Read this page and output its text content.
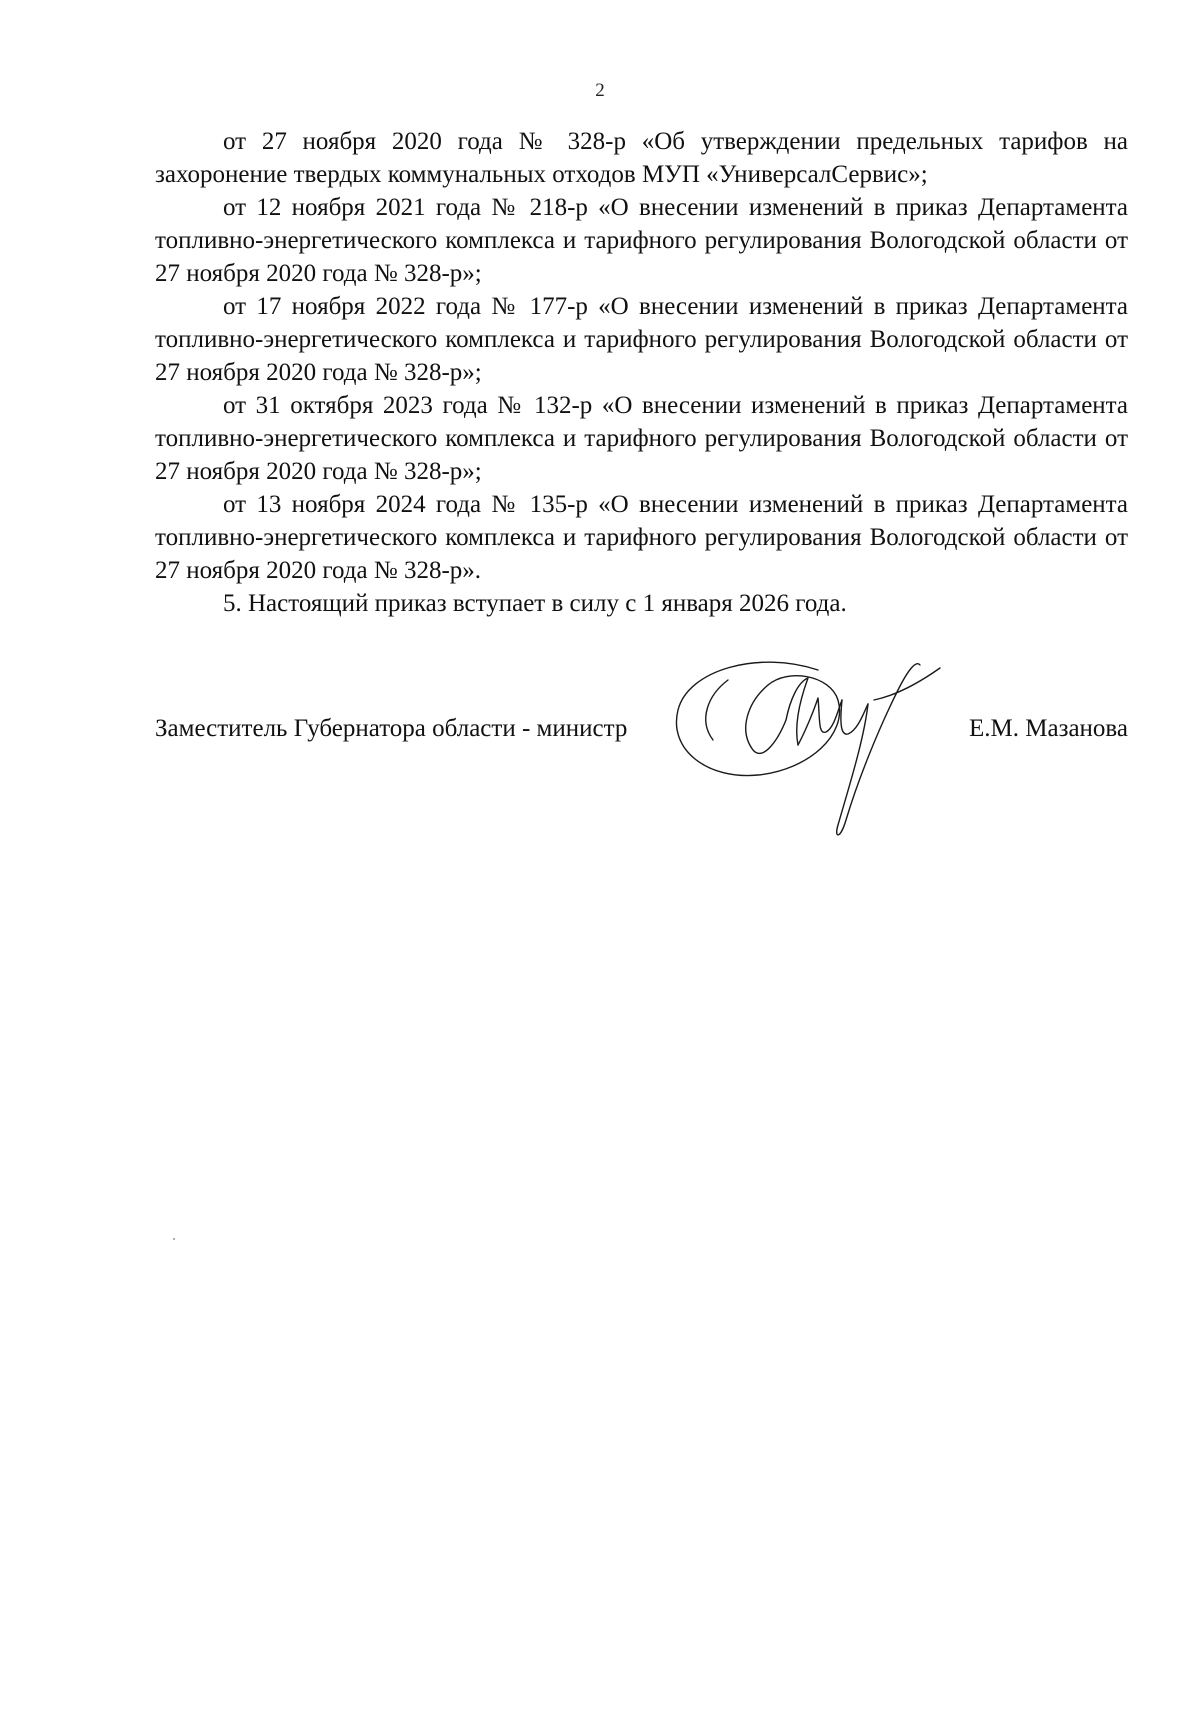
2

от 27 ноября 2020 года № 328-р «Об утверждении предельных тарифов на захоронение твердых коммунальных отходов МУП «УниверсалСервис»;

от 12 ноября 2021 года № 218-р «О внесении изменений в приказ Департамента топливно-энергетического комплекса и тарифного регулирования Вологодской области от 27 ноября 2020 года № 328-р»;

от 17 ноября 2022 года № 177-р «О внесении изменений в приказ Департамента топливно-энергетического комплекса и тарифного регулирования Вологодской области от 27 ноября 2020 года № 328-р»;

от 31 октября 2023 года № 132-р «О внесении изменений в приказ Департамента топливно-энергетического комплекса и тарифного регулирования Вологодской области от 27 ноября 2020 года № 328-р»;

от 13 ноября 2024 года № 135-р «О внесении изменений в приказ Департамента топливно-энергетического комплекса и тарифного регулирования Вологодской области от 27 ноября 2020 года № 328-р».

5. Настоящий приказ вступает в силу с 1 января 2026 года.

Заместитель Губернатора области - министр	Е.М. Мазанова
